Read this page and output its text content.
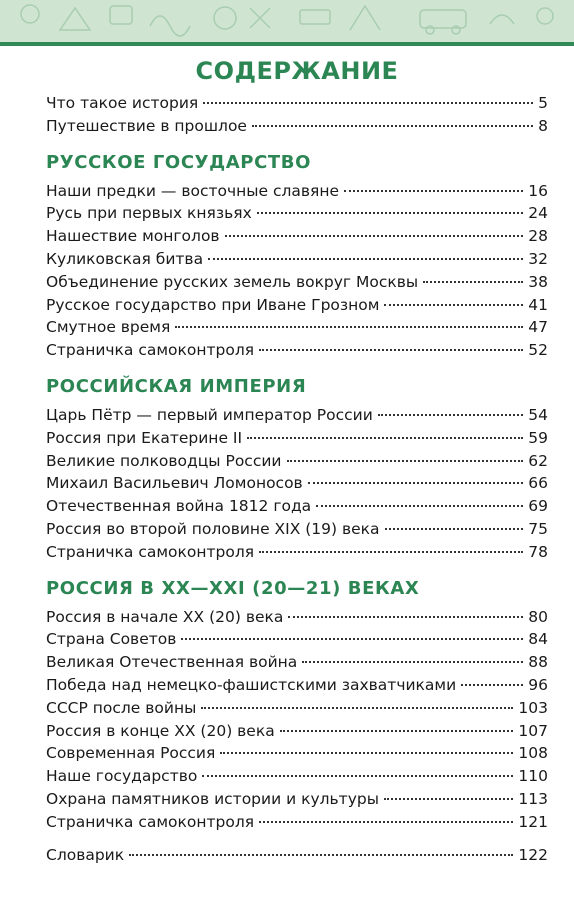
СОДЕРЖАНИЕ
Что такое история	5
Путешествие в прошлое	8
РУССКОЕ ГОСУДАРСТВО
Наши предки — восточные славяне	16
Русь при первых князьях	24
Нашествие монголов	28
Куликовская битва	32
Объединение русских земель вокруг Москвы	38
Русское государство при Иване Грозном	41
Смутное время	47
Страничка самоконтроля	52
РОССИЙСКАЯ ИМПЕРИЯ
Царь Пётр — первый император России	54
Россия при Екатерине II	59
Великие полководцы России	62
Михаил Васильевич Ломоносов	66
Отечественная война 1812 года	69
Россия во второй половине XIX (19) века	75
Страничка самоконтроля	78
РОССИЯ В XX—XXI (20—21) ВЕКАХ
Россия в начале XX (20) века	80
Страна Советов	84
Великая Отечественная война	88
Победа над немецко-фашистскими захватчиками	96
СССР после войны	103
Россия в конце XX (20) века	107
Современная Россия	108
Наше государство	110
Охрана памятников истории и культуры	113
Страничка самоконтроля	121
Словарик	122
